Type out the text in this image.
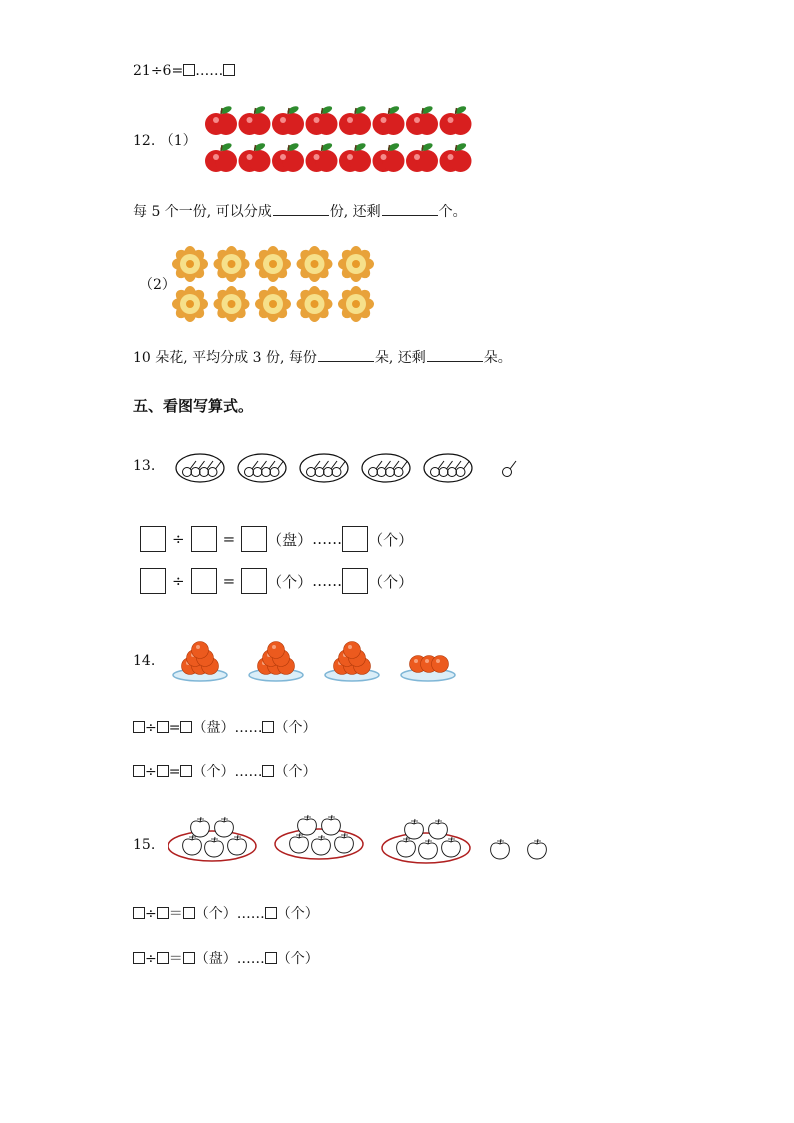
21÷6= ……
12. （1）
每 5 个一份, 可以分成	份, 还剩	个。
（2）
10 朵花, 平均分成 3 份, 每份	朵, 还剩	朵。
五、看图写算式。
13.
÷	= （盘） …… （个）
÷	= （个） …… （个）
14.
÷ = （盘）…… （个）
÷ = （个）…… （个）
15.
÷ ＝ （个）…… （个）
÷ ＝ （盘）…… （个）
